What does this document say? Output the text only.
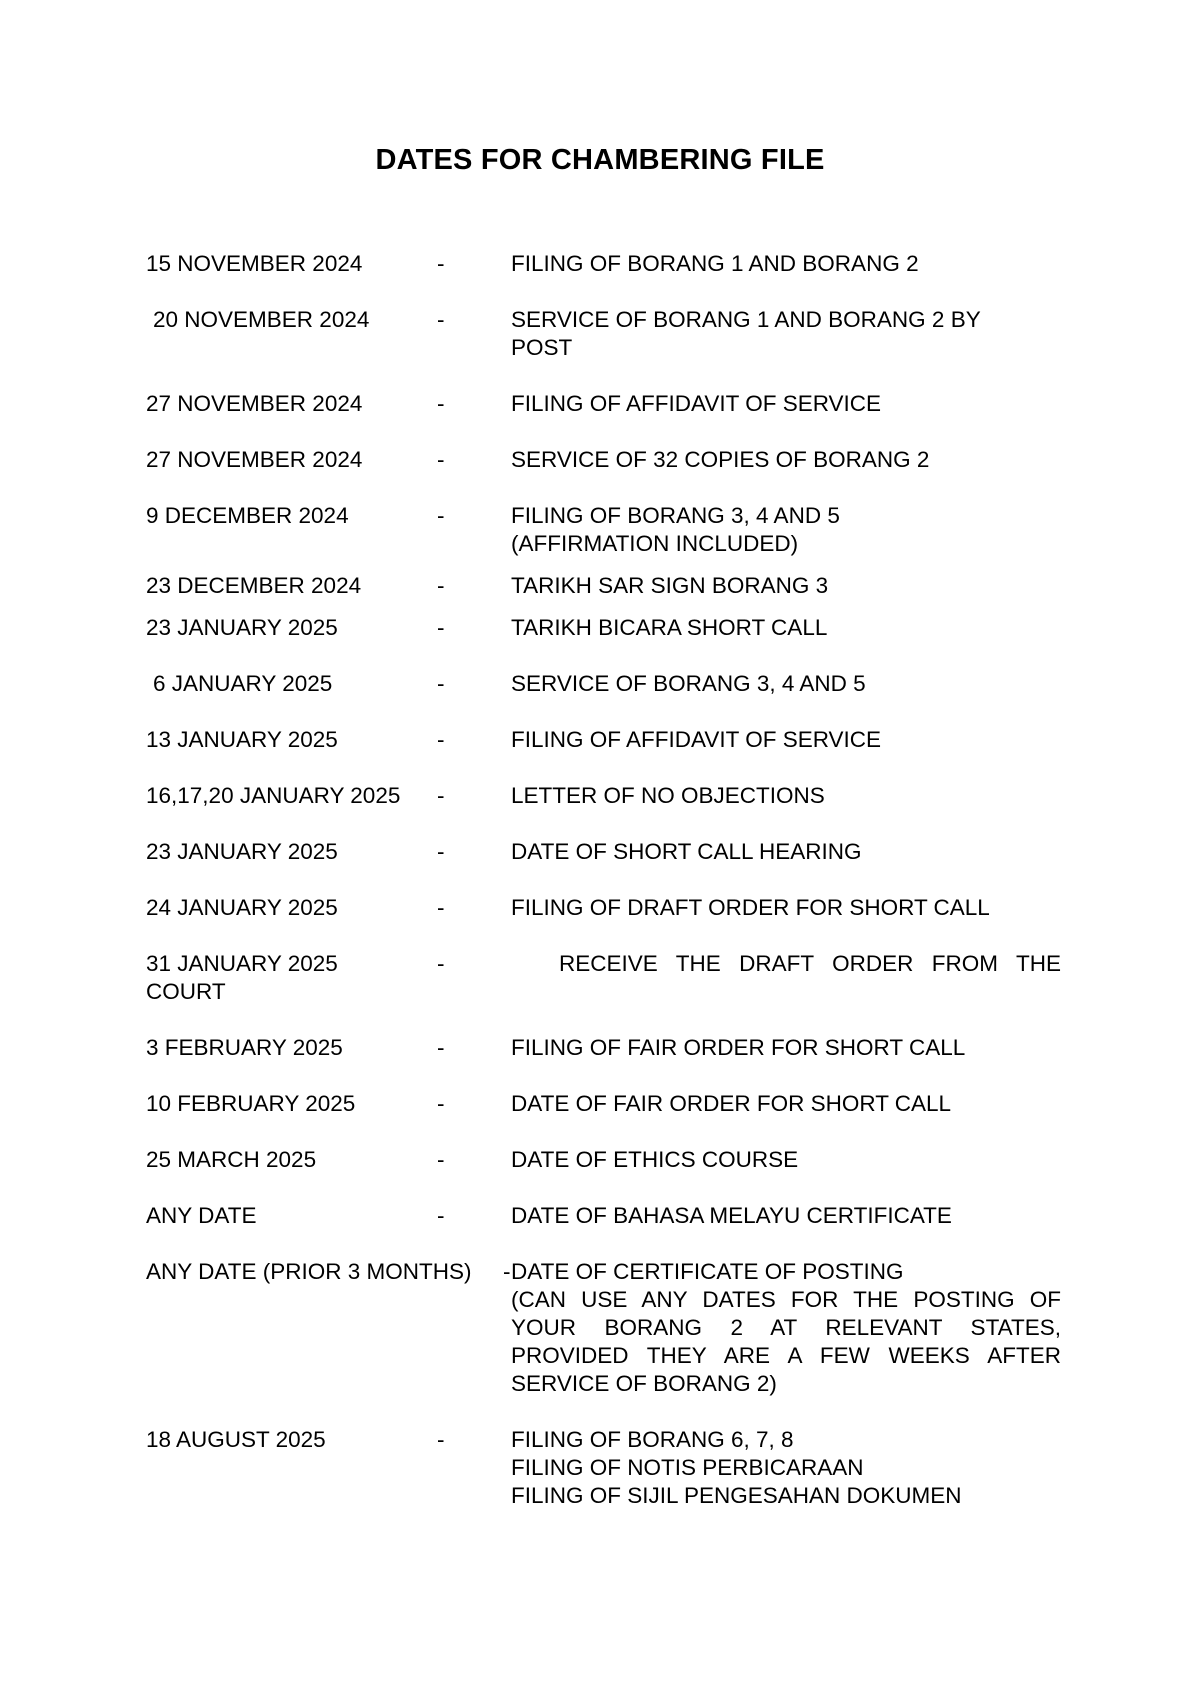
DATES FOR CHAMBERING FILE
15 NOVEMBER 2024	-	FILING OF BORANG 1 AND BORANG 2
20 NOVEMBER 2024	-	SERVICE OF BORANG 1 AND BORANG 2 BY
POST
27 NOVEMBER 2024	-	FILING OF AFFIDAVIT OF SERVICE
27 NOVEMBER 2024	-	SERVICE OF 32 COPIES OF BORANG 2
9 DECEMBER 2024	-	FILING OF BORANG 3, 4 AND 5
(AFFIRMATION INCLUDED)
23 DECEMBER 2024	-	TARIKH SAR SIGN BORANG 3
23 JANUARY 2025	-	TARIKH BICARA SHORT CALL
6 JANUARY 2025	-	SERVICE OF BORANG 3, 4 AND 5
13 JANUARY 2025	-	FILING OF AFFIDAVIT OF SERVICE
16,17,20 JANUARY 2025 -	LETTER OF NO OBJECTIONS
23 JANUARY 2025	-	DATE OF SHORT CALL HEARING
24 JANUARY 2025	-	FILING OF DRAFT ORDER FOR SHORT CALL
31 JANUARY 2025	-	RECEIVE THE DRAFT ORDER FROM THE
COURT
3 FEBRUARY 2025	-	FILING OF FAIR ORDER FOR SHORT CALL
10 FEBRUARY 2025	-	DATE OF FAIR ORDER FOR SHORT CALL
25 MARCH 2025	-	DATE OF ETHICS COURSE
ANY DATE	-	DATE OF BAHASA MELAYU CERTIFICATE
ANY DATE (PRIOR 3 MONTHS) - DATE OF CERTIFICATE OF POSTING
(CAN USE ANY DATES FOR THE POSTING OF
YOUR BORANG 2 AT RELEVANT STATES,
PROVIDED THEY ARE A FEW WEEKS AFTER
SERVICE OF BORANG 2)
18 AUGUST 2025	-	FILING OF BORANG 6, 7, 8
FILING OF NOTIS PERBICARAAN
FILING OF SIJIL PENGESAHAN DOKUMEN
